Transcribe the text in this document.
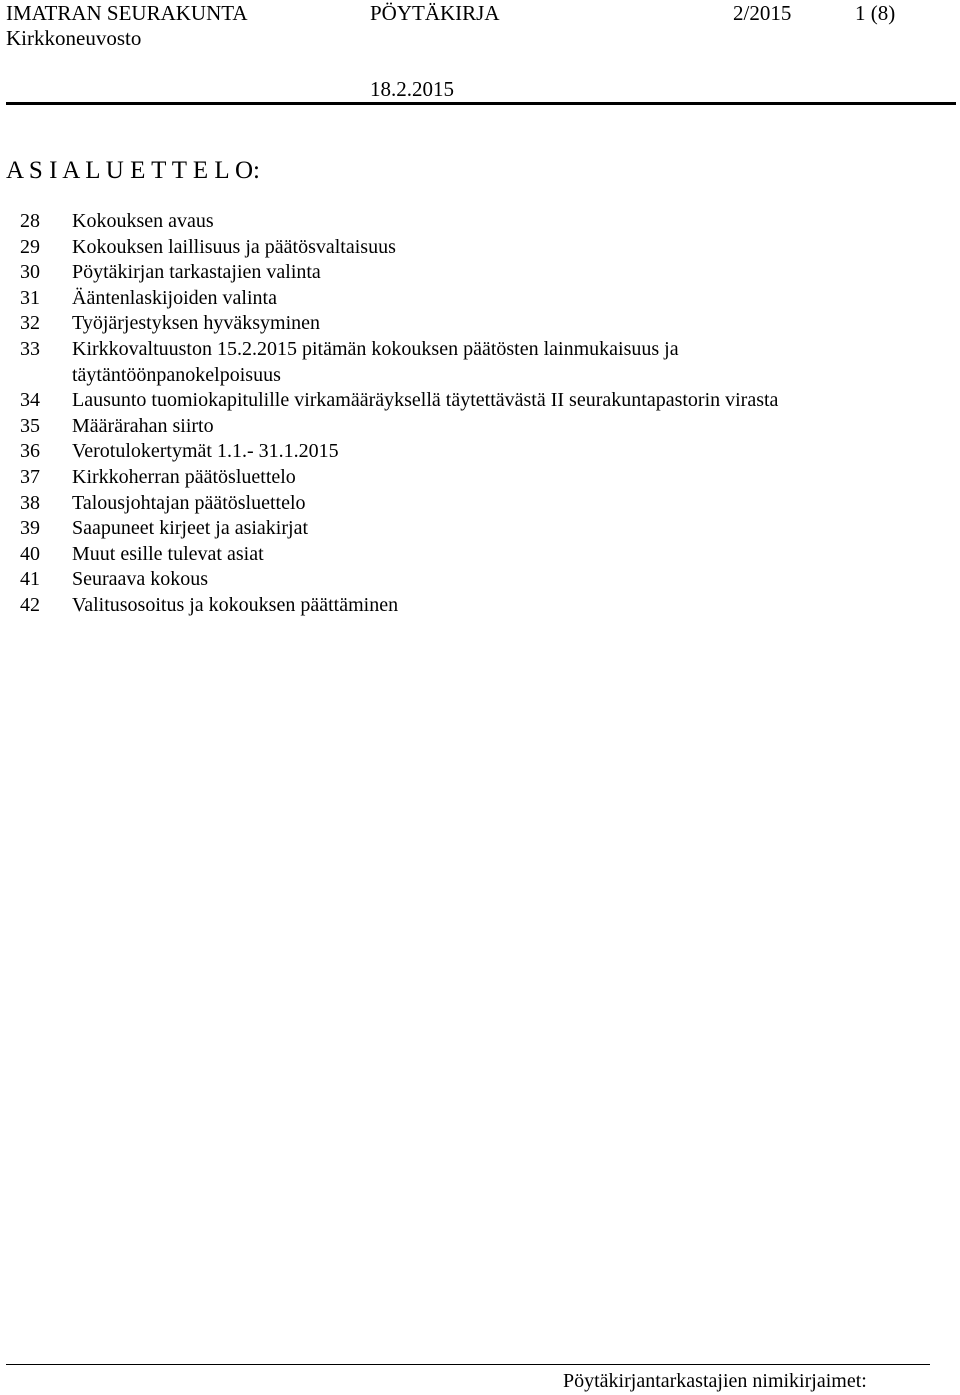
IMATRAN SEURAKUNTA	PÖYTÄKIRJA	2/2015	1 (8)
Kirkkoneuvosto
18.2.2015
A S I A L U E T T E L O:
28 Kokouksen avaus
29 Kokouksen laillisuus ja päätösvaltaisuus
30 Pöytäkirjan tarkastajien valinta
31 Ääntenlaskijoiden valinta
32 Työjärjestyksen hyväksyminen
33 Kirkkovaltuuston 15.2.2015 pitämän kokouksen päätösten lainmukaisuus ja täytäntöönpanokelpoisuus
34 Lausunto tuomiokapitulille virkamääräyksellä täytettävästä II seurakuntapastorin virasta
35 Määrärahan siirto
36 Verotulokertymät 1.1.- 31.1.2015
37 Kirkkoherran päätösluettelo
38 Talousjohtajan päätösluettelo
39 Saapuneet kirjeet ja asiakirjat
40 Muut esille tulevat asiat
41 Seuraava kokous
42 Valitusosoitus ja kokouksen päättäminen
Pöytäkirjantarkastajien nimikirjaimet:
